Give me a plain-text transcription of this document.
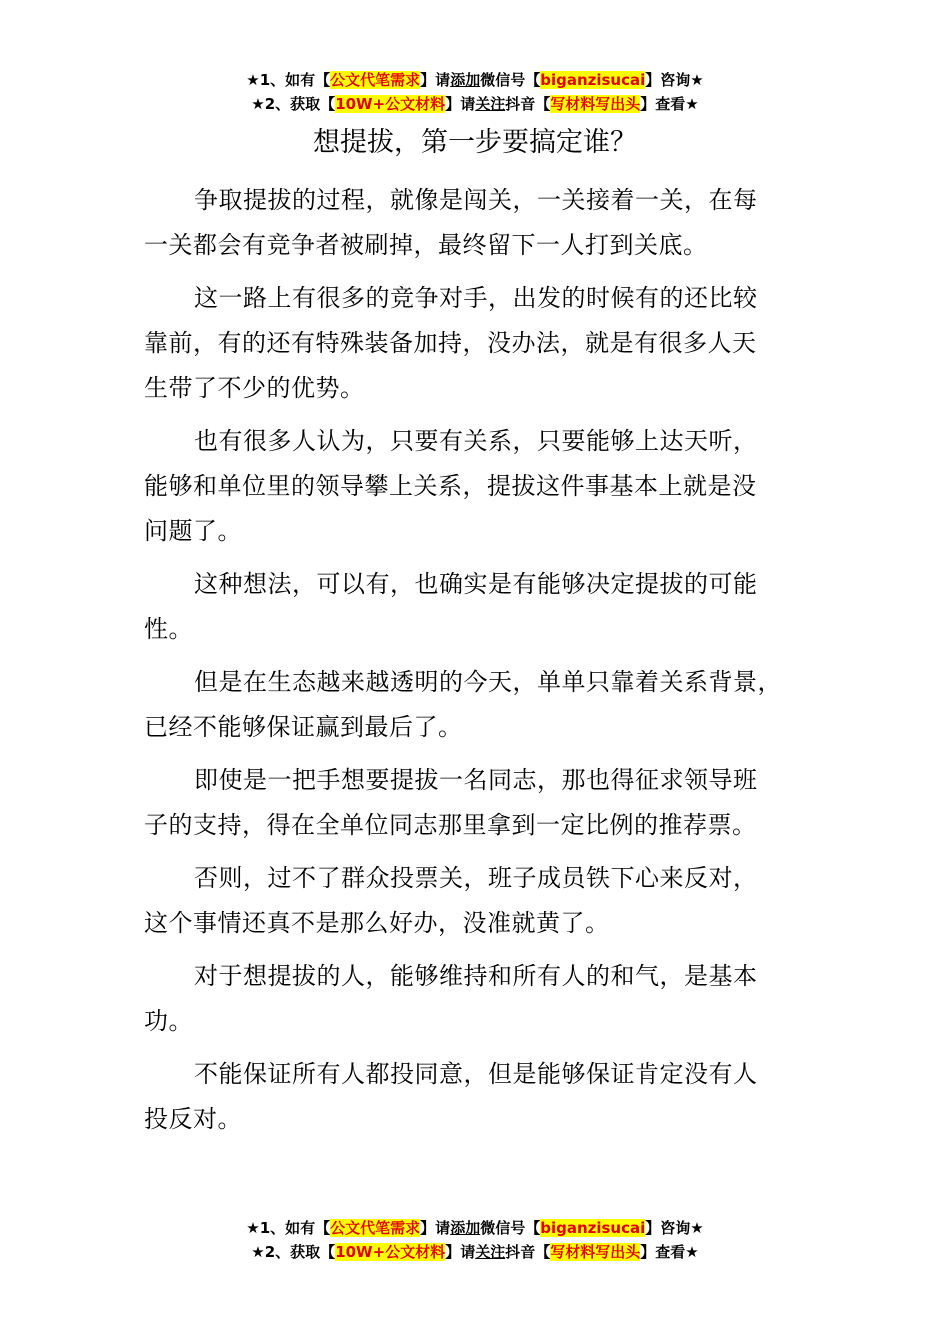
★1、如有【公文代笔需求】请添加微信号【biganzisucai】咨询★
★2、获取【10W+公文材料】请关注抖音【写材料写出头】查看★
想提拔，第一步要搞定谁？

争取提拔的过程，就像是闯关，一关接着一关，在每
一关都会有竞争者被刷掉，最终留下一人打到关底。

这一路上有很多的竞争对手，出发的时候有的还比较
靠前，有的还有特殊装备加持，没办法，就是有很多人天
生带了不少的优势。

也有很多人认为，只要有关系，只要能够上达天听，
能够和单位里的领导攀上关系，提拔这件事基本上就是没
问题了。

这种想法，可以有，也确实是有能够决定提拔的可能
性。

但是在生态越来越透明的今天，单单只靠着关系背景，
已经不能够保证赢到最后了。

即使是一把手想要提拔一名同志，那也得征求领导班
子的支持，得在全单位同志那里拿到一定比例的推荐票。

否则，过不了群众投票关，班子成员铁下心来反对，
这个事情还真不是那么好办，没准就黄了。

对于想提拔的人，能够维持和所有人的和气，是基本
功。

不能保证所有人都投同意，但是能够保证肯定没有人
投反对。

★1、如有【公文代笔需求】请添加微信号【biganzisucai】咨询★
★2、获取【10W+公文材料】请关注抖音【写材料写出头】查看★
